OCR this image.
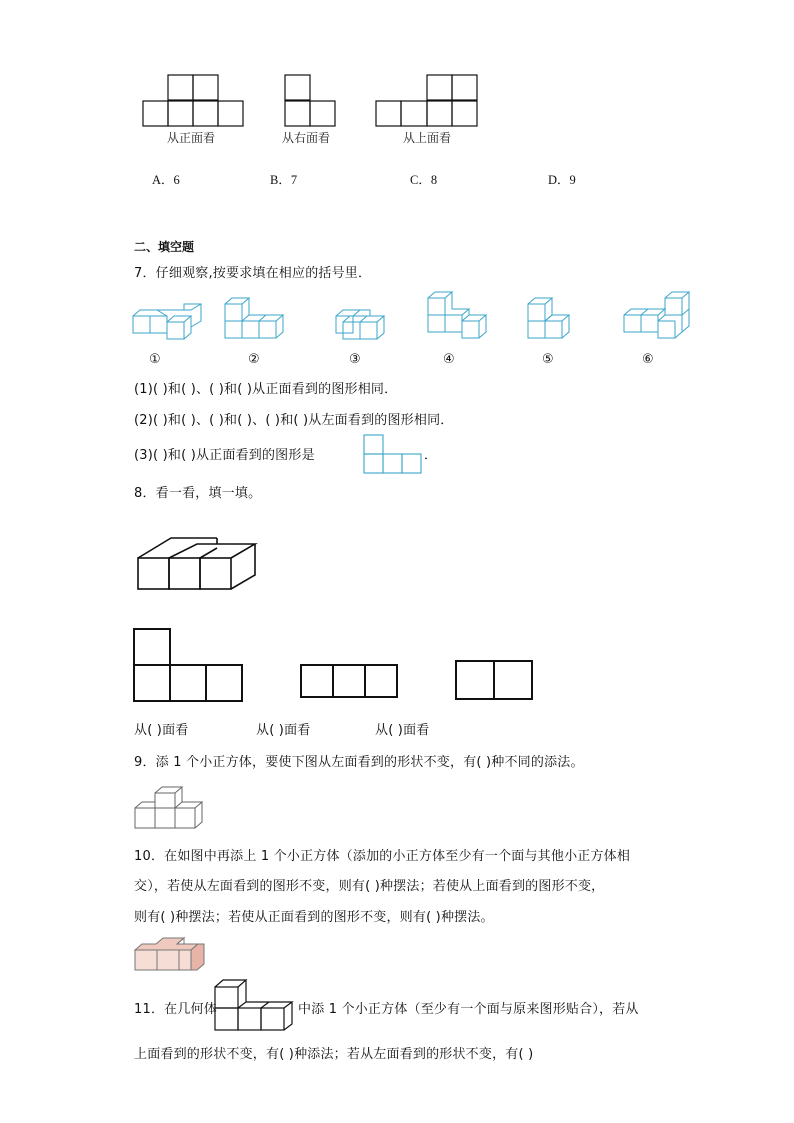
从正面看	从右面看	从上面看
A．6	B．7	C．8	D．9
二、填空题
7．仔细观察,按要求填在相应的括号里．
①	②	③	④	⑤	⑥
(1)( )和( )、( )和( )从正面看到的图形相同．
(2)( )和( )、( )和( )、( )和( )从左面看到的图形相同．
(3)( )和( )从正面看到的图形是	．
8．看一看，填一填。
从( )面看	从( )面看	从( )面看
9．添 1 个小正方体，要使下图从左面看到的形状不变，有( )种不同的添法。
10．在如图中再添上 1 个小正方体（添加的小正方体至少有一个面与其他小正方体相
交），若使从左面看到的图形不变，则有( )种摆法；若使从上面看到的图形不变，
则有( )种摆法；若使从正面看到的图形不变，则有( )种摆法。
11．在几何体	中添 1 个小正方体（至少有一个面与原来图形贴合），若从
上面看到的形状不变，有( )种添法；若从左面看到的形状不变，有( )
